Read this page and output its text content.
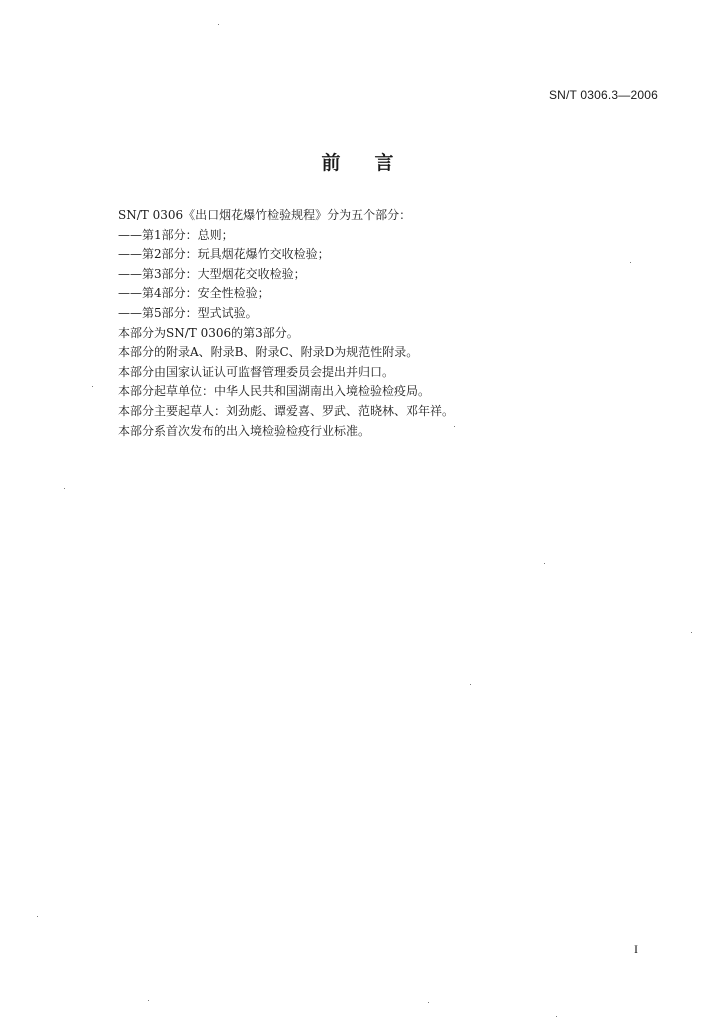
SN/T 0306.3—2006
前言
SN/T 0306《出口烟花爆竹检验规程》分为五个部分：
——第1部分：总则；
——第2部分：玩具烟花爆竹交收检验；
——第3部分：大型烟花交收检验；
——第4部分：安全性检验；
——第5部分：型式试验。
本部分为SN/T 0306的第3部分。
本部分的附录A、附录B、附录C、附录D为规范性附录。
本部分由国家认证认可监督管理委员会提出并归口。
本部分起草单位：中华人民共和国湖南出入境检验检疫局。
本部分主要起草人：刘劲彪、谭爱喜、罗武、范晓林、邓年祥。
本部分系首次发布的出入境检验检疫行业标准。
I
